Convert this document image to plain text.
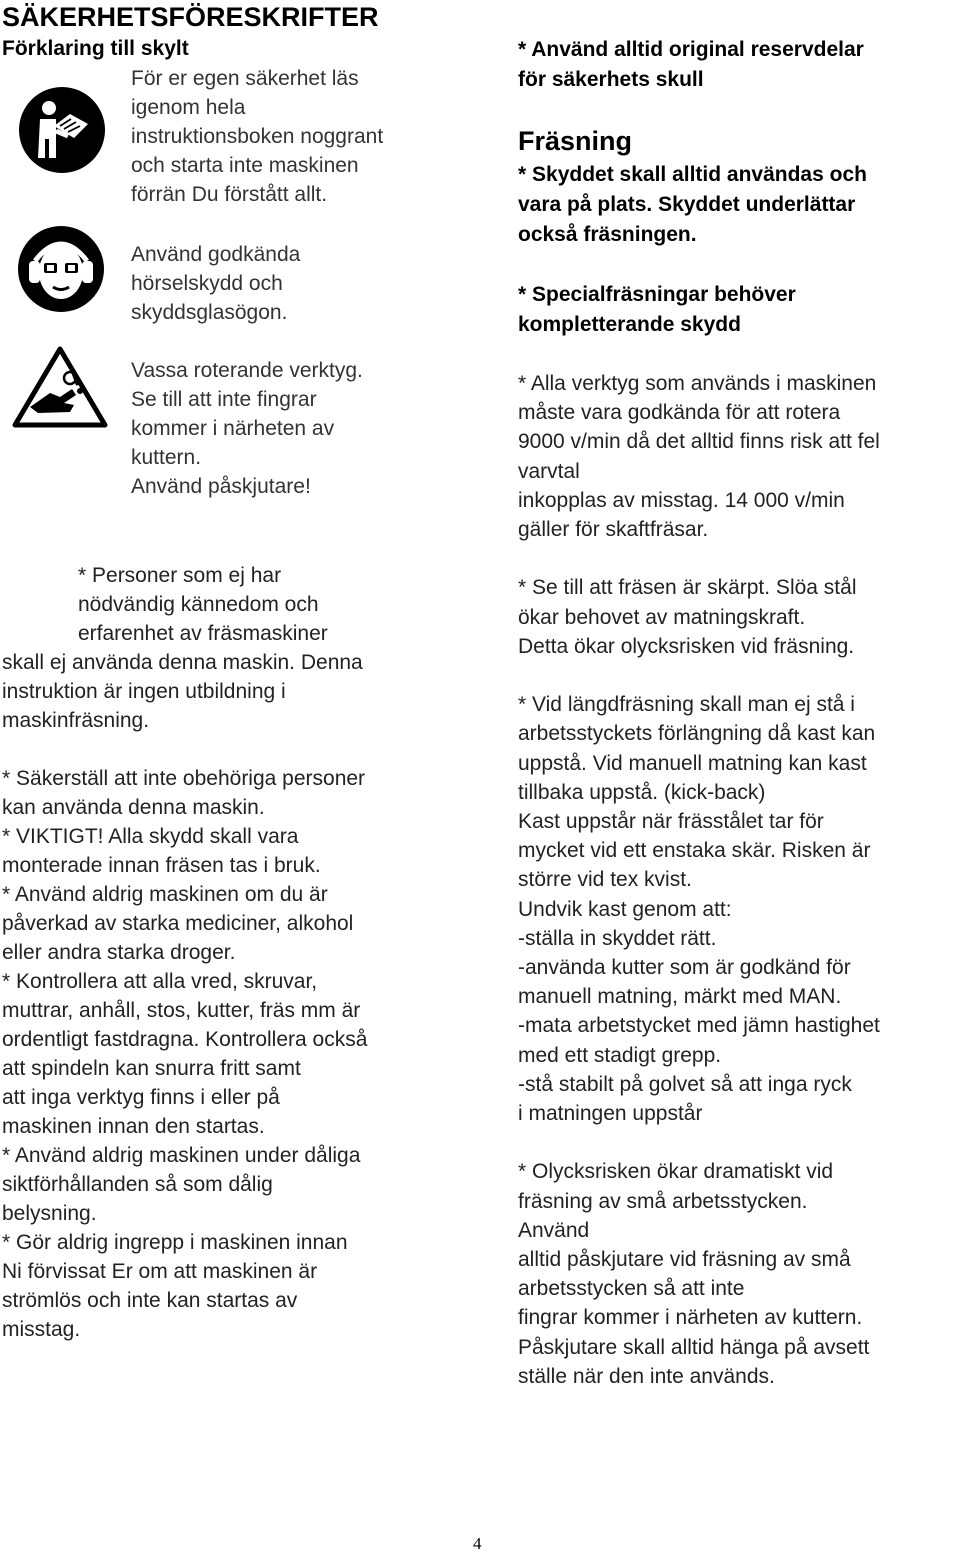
SÄKERHETSFÖRESKRIFTER
Förklaring till skylt
För er egen säkerhet läs
igenom hela
instruktionsboken noggrant
och starta inte maskinen
förrän Du förstått allt.
Använd godkända
hörselskydd och
skyddsglasögon.
Vassa roterande verktyg.
Se till att inte fingrar
kommer i närheten av
kuttern.
Använd påskjutare!
* Personer som ej har
nödvändig kännedom och
erfarenhet av fräsmaskiner
skall ej använda denna maskin. Denna
instruktion är ingen utbildning i
maskinfräsning.
* Säkerställ att inte obehöriga personer
kan använda denna maskin.
* VIKTIGT! Alla skydd skall vara
monterade innan fräsen tas i bruk.
* Använd aldrig maskinen om du är
påverkad av starka mediciner, alkohol
eller andra starka droger.
* Kontrollera att alla vred, skruvar,
muttrar, anhåll, stos, kutter, fräs mm är
ordentligt fastdragna. Kontrollera också
att spindeln kan snurra fritt samt
att inga verktyg finns i eller på
maskinen innan den startas.
* Använd aldrig maskinen under dåliga
siktförhållanden så som dålig
belysning.
* Gör aldrig ingrepp i maskinen innan
Ni förvissat Er om att maskinen är
strömlös och inte kan startas av
misstag.
* Använd alltid original reservdelar
för säkerhets skull
Fräsning
* Skyddet skall alltid användas och
vara på plats. Skyddet underlättar
också fräsningen.
* Specialfräsningar behöver
kompletterande skydd
* Alla verktyg som används i maskinen
måste vara godkända för att rotera
9000 v/min då det alltid finns risk att fel
varvtal
inkopplas av misstag. 14 000 v/min
gäller för skaftfräsar.
* Se till att fräsen är skärpt. Slöa stål
ökar behovet av matningskraft.
Detta ökar olycksrisken vid fräsning.
* Vid längdfräsning skall man ej stå i
arbetsstyckets förlängning då kast kan
uppstå. Vid manuell matning kan kast
tillbaka uppstå. (kick-back)
Kast uppstår när frässtålet tar för
mycket vid ett enstaka skär. Risken är
större vid tex kvist.
Undvik kast genom att:
-ställa in skyddet rätt.
-använda kutter som är godkänd för
manuell matning, märkt med MAN.
-mata arbetstycket med jämn hastighet
med ett stadigt grepp.
-stå stabilt på golvet så att inga ryck
i matningen uppstår
* Olycksrisken ökar dramatiskt vid
fräsning av små arbetsstycken.
Använd
alltid påskjutare vid fräsning av små
arbetsstycken så att inte
fingrar kommer i närheten av kuttern.
Påskjutare skall alltid hänga på avsett
ställe när den inte används.
4
